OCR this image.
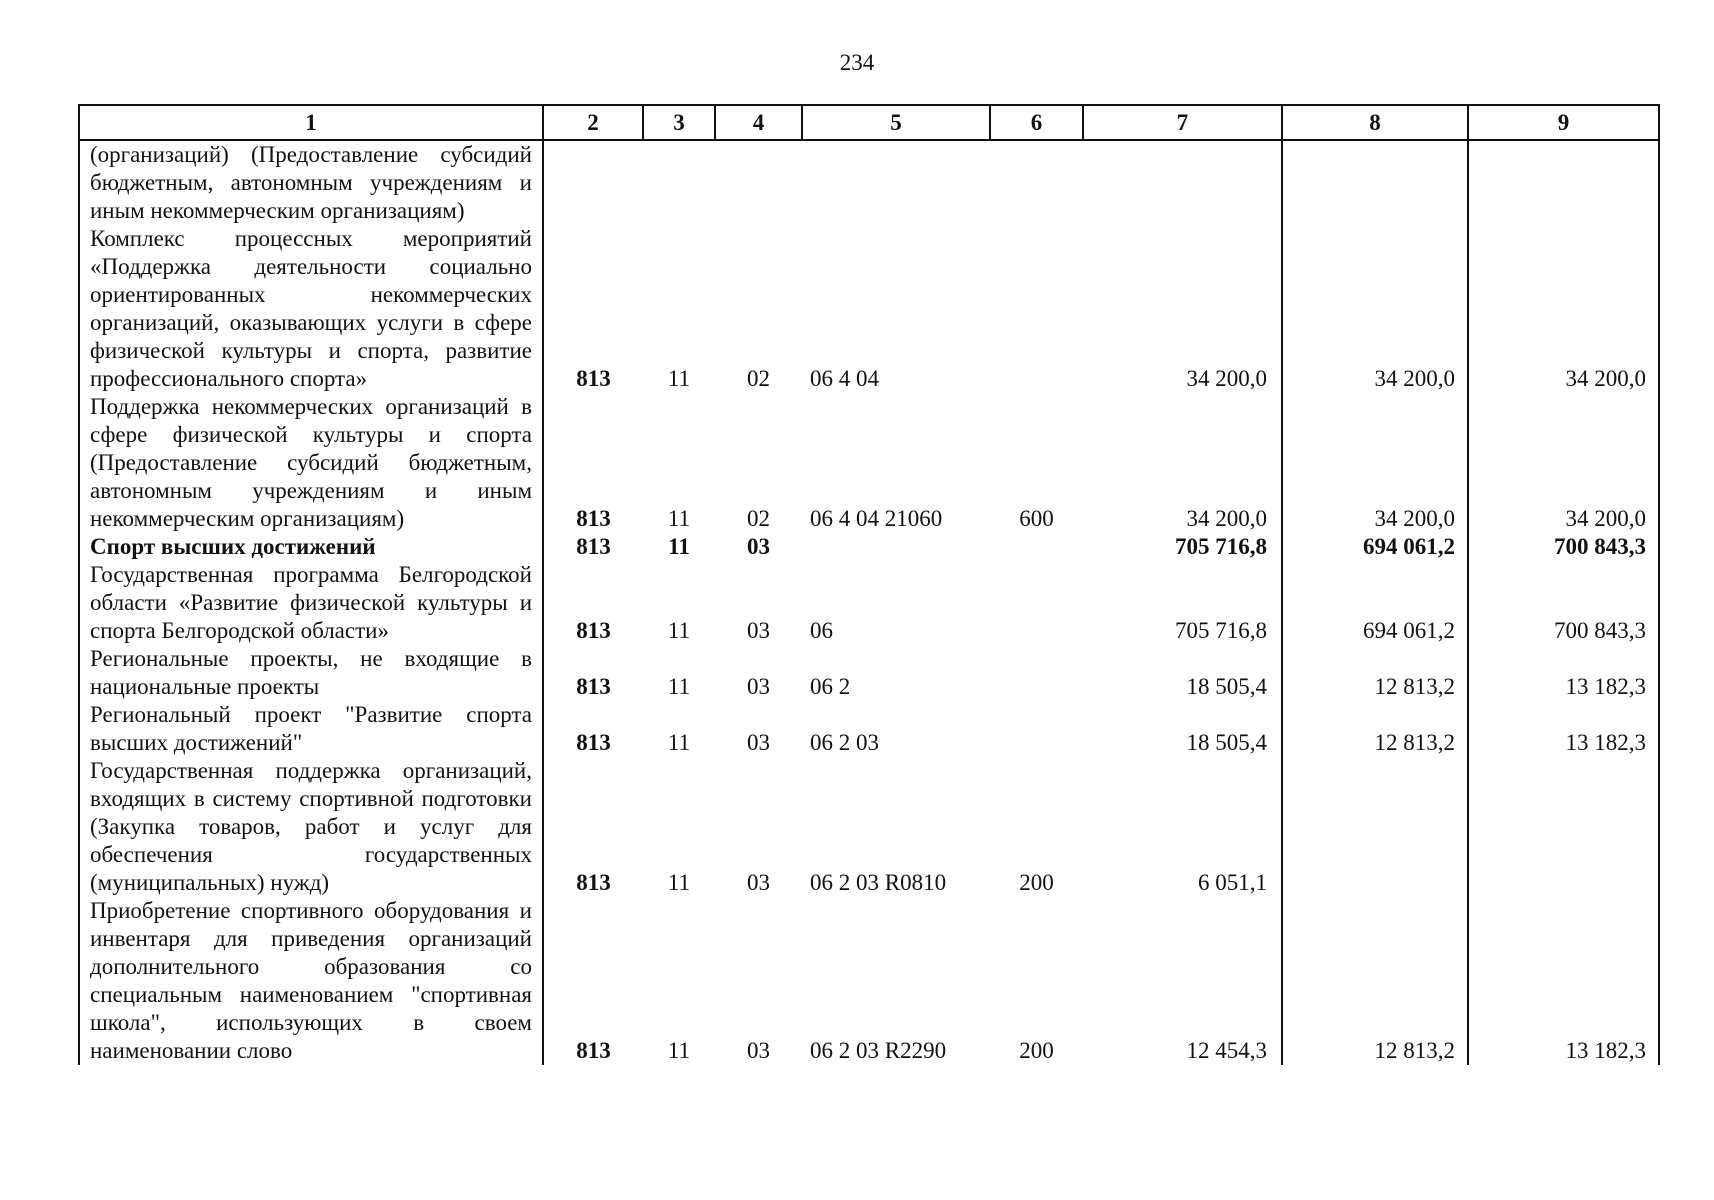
234
1	2	3	4	5	6	7	8	9
(организаций) (Предоставление субсидий бюджетным, автономным учреждениям и иным некоммерческим организациям)								
Комплекс процессных мероприятий «Поддержка деятельности социально ориентированных некоммерческих организаций, оказывающих услуги в сфере физической культуры и спорта, развитие профессионального спорта»	813	11	02	06 4 04		34 200,0	34 200,0	34 200,0
Поддержка некоммерческих организаций в сфере физической культуры и спорта (Предоставление субсидий бюджетным, автономным учреждениям и иным некоммерческим организациям)	813	11	02	06 4 04 21060	600	34 200,0	34 200,0	34 200,0
Спорт высших достижений	813	11	03			705 716,8	694 061,2	700 843,3
Государственная программа Белгородской области «Развитие физической культуры и спорта Белгородской области»	813	11	03	06		705 716,8	694 061,2	700 843,3
Региональные проекты, не входящие в национальные проекты	813	11	03	06 2		18 505,4	12 813,2	13 182,3
Региональный проект "Развитие спорта высших достижений"	813	11	03	06 2 03		18 505,4	12 813,2	13 182,3
Государственная поддержка организаций, входящих в систему спортивной подготовки (Закупка товаров, работ и услуг для обеспечения государственных (муниципальных) нужд)	813	11	03	06 2 03 R0810	200	6 051,1		
Приобретение спортивного оборудования и инвентаря для приведения организаций дополнительного образования со специальным наименованием "спортивная школа", использующих в своем наименовании слово	813	11	03	06 2 03 R2290	200	12 454,3	12 813,2	13 182,3
